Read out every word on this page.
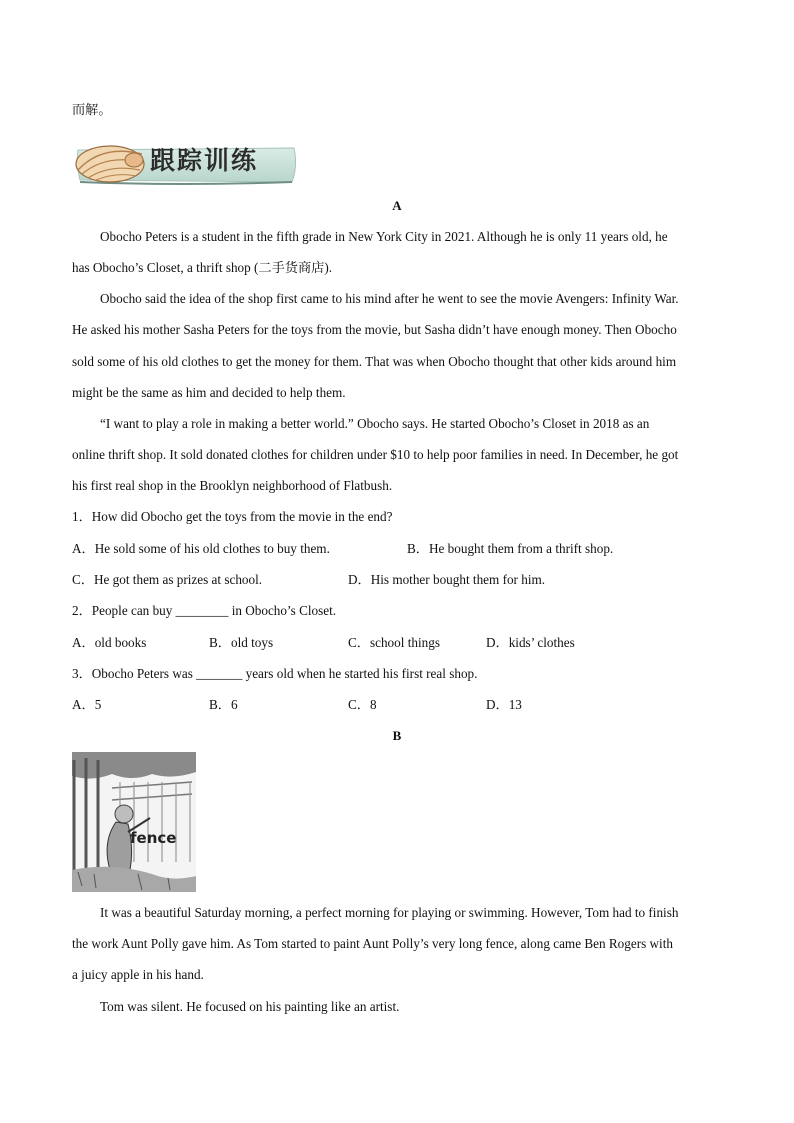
而解。
跟踪训练
A
Obocho Peters is a student in the fifth grade in New York City in 2021. Although he is only 11 years old, he
has Obocho’s Closet, a thrift shop (二手货商店).
Obocho said the idea of the shop first came to his mind after he went to see the movie Avengers: Infinity War.
He asked his mother Sasha Peters for the toys from the movie, but Sasha didn’t have enough money. Then Obocho
sold some of his old clothes to get the money for them. That was when Obocho thought that other kids around him
might be the same as him and decided to help them.
“I want to play a role in making a better world.” Obocho says. He started Obocho’s Closet in 2018 as an
online thrift shop. It sold donated clothes for children under $10 to help poor families in need. In December, he got
his first real shop in the Brooklyn neighborhood of Flatbush.
1．How did Obocho get the toys from the movie in the end?
A．He sold some of his old clothes to buy them.	B．He bought them from a thrift shop.
C．He got them as prizes at school.	D．His mother bought them for him.
2．People can buy ________ in Obocho’s Closet.
A．old books	B．old toys	C．school things	D．kids’ clothes
3．Obocho Peters was _______ years old when he started his first real shop.
A．5	B．6	C．8	D．13
B
fence
It was a beautiful Saturday morning, a perfect morning for playing or swimming. However, Tom had to finish
the work Aunt Polly gave him. As Tom started to paint Aunt Polly’s very long fence, along came Ben Rogers with
a juicy apple in his hand.
Tom was silent. He focused on his painting like an artist.
